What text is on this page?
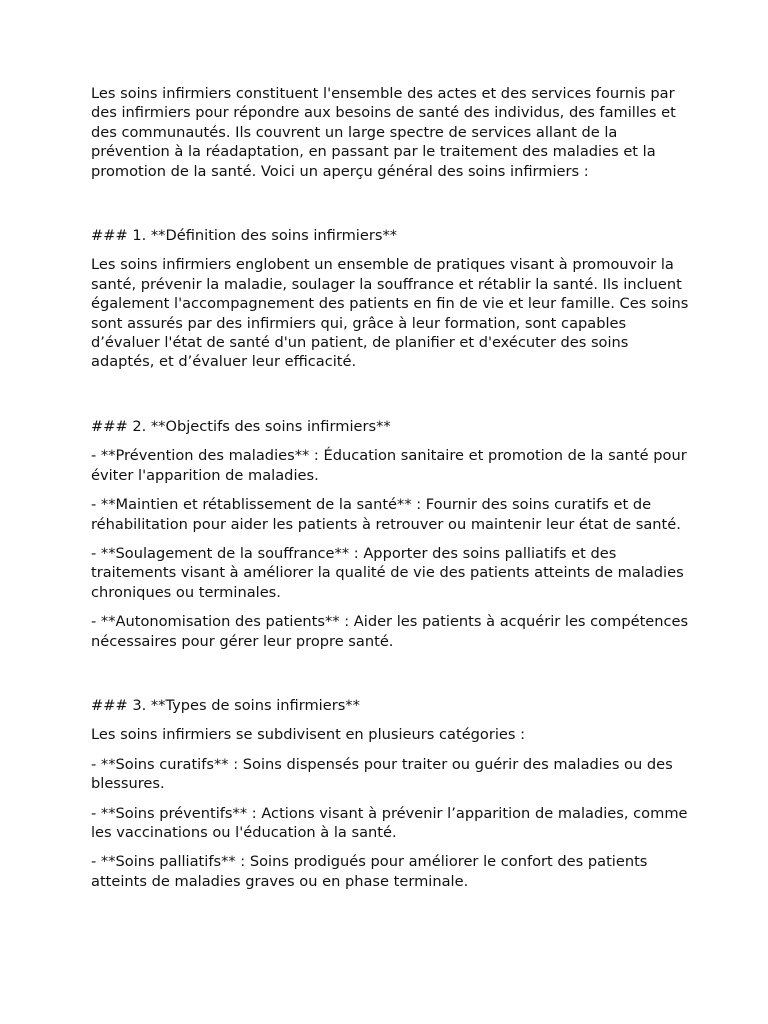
Les soins infirmiers constituent l'ensemble des actes et des services fournis par des infirmiers pour répondre aux besoins de santé des individus, des familles et des communautés. Ils couvrent un large spectre de services allant de la prévention à la réadaptation, en passant par le traitement des maladies et la promotion de la santé. Voici un aperçu général des soins infirmiers :

### 1. **Définition des soins infirmiers**

Les soins infirmiers englobent un ensemble de pratiques visant à promouvoir la santé, prévenir la maladie, soulager la souffrance et rétablir la santé. Ils incluent également l'accompagnement des patients en fin de vie et leur famille. Ces soins sont assurés par des infirmiers qui, grâce à leur formation, sont capables d’évaluer l'état de santé d'un patient, de planifier et d'exécuter des soins adaptés, et d’évaluer leur efficacité.

### 2. **Objectifs des soins infirmiers**

- **Prévention des maladies** : Éducation sanitaire et promotion de la santé pour éviter l'apparition de maladies.

- **Maintien et rétablissement de la santé** : Fournir des soins curatifs et de réhabilitation pour aider les patients à retrouver ou maintenir leur état de santé.

- **Soulagement de la souffrance** : Apporter des soins palliatifs et des traitements visant à améliorer la qualité de vie des patients atteints de maladies chroniques ou terminales.

- **Autonomisation des patients** : Aider les patients à acquérir les compétences nécessaires pour gérer leur propre santé.

### 3. **Types de soins infirmiers**

Les soins infirmiers se subdivisent en plusieurs catégories :

- **Soins curatifs** : Soins dispensés pour traiter ou guérir des maladies ou des blessures.

- **Soins préventifs** : Actions visant à prévenir l’apparition de maladies, comme les vaccinations ou l'éducation à la santé.

- **Soins palliatifs** : Soins prodigués pour améliorer le confort des patients atteints de maladies graves ou en phase terminale.
